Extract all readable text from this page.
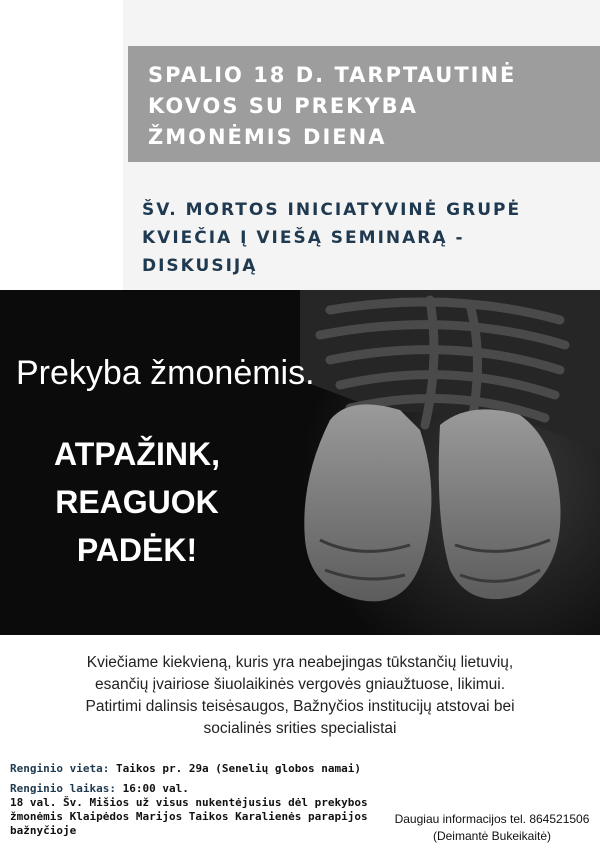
SPALIO 18 D. TARPTAUTINĖ
KOVOS SU PREKYBA
ŽMONĖMIS DIENA
ŠV. MORTOS INICIATYVINĖ GRUPĖ
KVIEČIA Į VIEŠĄ SEMINARĄ -
DISKUSIJĄ
Prekyba žmonėmis.
ATPAŽINK,
REAGUOK
PADĖK!
Kviečiame kiekvieną, kuris yra neabejingas tūkstančių lietuvių,
esančių įvairiose šiuolaikinės vergovės gniaužtuose, likimui.
Patirtimi dalinsis teisėsaugos, Bažnyčios institucijų atstovai bei
socialinės srities specialistai
Renginio vieta: Taikos pr. 29a (Senelių globos namai)
Renginio laikas: 16:00 val.
18 val. Šv. Mišios už visus nukentėjusius dėl prekybos
žmonėmis Klaipėdos Marijos Taikos Karalienės parapijos
bažnyčioje
Daugiau informacijos tel. 864521506
(Deimantė Bukeikaitė)
